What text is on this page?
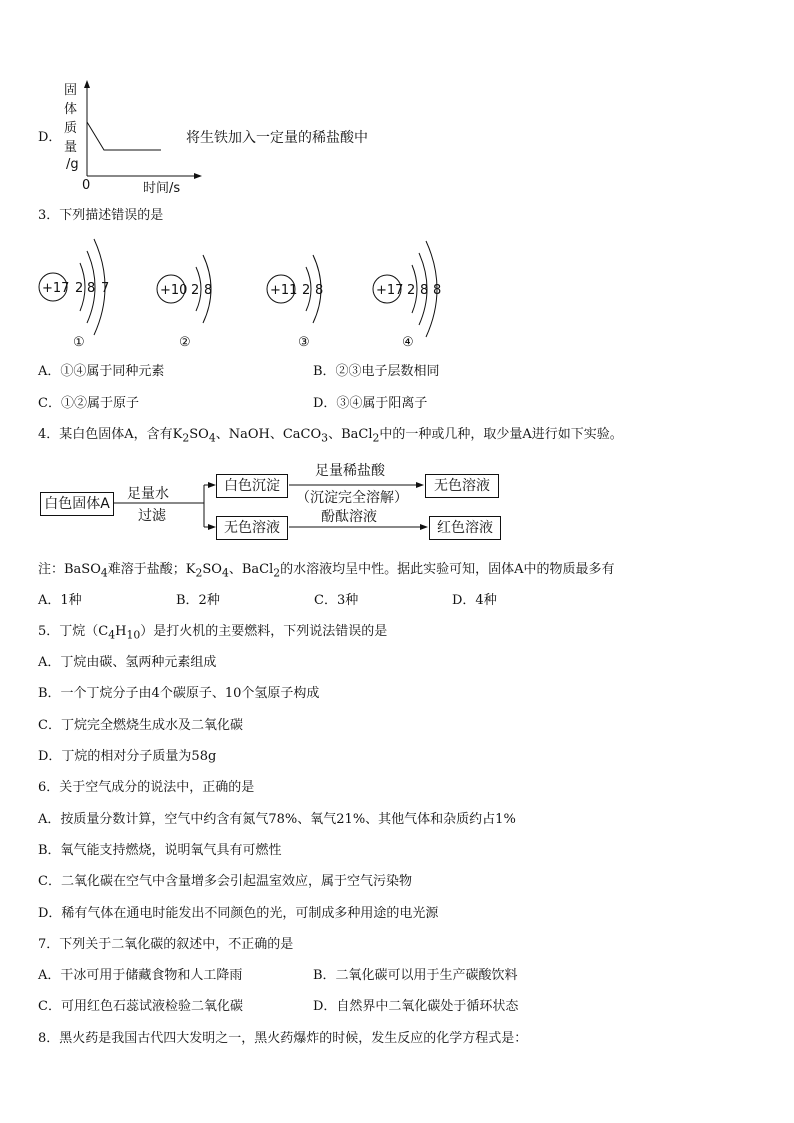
D．
固
体
质
量
/g
0	时间/s
将生铁加入一定量的稀盐酸中
3．下列描述错误的是
+17 2 8 7	+10 2 8	+11 2 8	+17 2 8 8
①	②	③	④
A．①④属于同种元素	B．②③电子层数相同
C．①②属于原子	D．③④属于阳离子
4．某白色固体A，含有$K_2SO_4$、NaOH、CaCO$_3$、BaCl$_2$中的一种或几种，取少量A进行如下实验。
白色固体A
足量水
过滤
白色沉淀
足量稀盐酸
（沉淀完全溶解）
无色溶液
无色溶液
酚酞溶液
红色溶液
注：BaSO$_4$难溶于盐酸；$K_2SO_4$、BaCl$_2$的水溶液均呈中性。据此实验可知，固体A中的物质最多有
A．1种	B．2种	C．3种	D．4种
5．丁烷$(C_4H_{10})$是打火机的主要燃料，下列说法错误的是
A．丁烷由碳、氢两种元素组成
B．一个丁烷分子由4个碳原子、10个氢原子构成
C．丁烷完全燃烧生成水及二氧化碳
D．丁烷的相对分子质量为58g
6．关于空气成分的说法中，正确的是
A．按质量分数计算，空气中约含有氮气78%、氧气21%、其他气体和杂质约占1%
B．氧气能支持燃烧，说明氧气具有可燃性
C．二氧化碳在空气中含量增多会引起温室效应，属于空气污染物
D．稀有气体在通电时能发出不同颜色的光，可制成多种用途的电光源
7．下列关于二氧化碳的叙述中，不正确的是
A．干冰可用于储藏食物和人工降雨	B．二氧化碳可以用于生产碳酸饮料
C．可用红色石蕊试液检验二氧化碳	D．自然界中二氧化碳处于循环状态
8．黑火药是我国古代四大发明之一，黑火药爆炸的时候，发生反应的化学方程式是：
